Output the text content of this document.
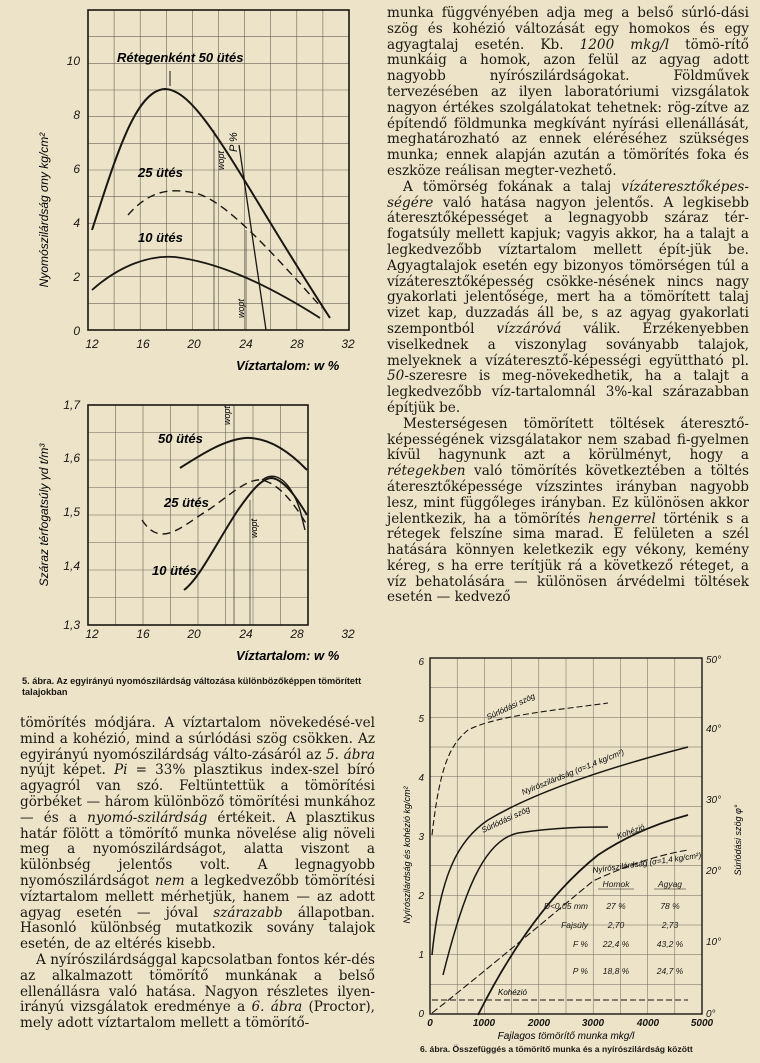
0
2
4
6
8
10
12	16	20	24	28	32
Víztartalom: w %
Nyomószilárdság σny kg/cm²
Rétegenként 50 ütés
25 ütés
10 ütés
P %
wopt
wopt
1,3
1,4
1,5
1,6
1,7
12	16	20	24	28	32
Víztartalom: w %
Száraz térfogatsúly γd t/m³
50 ütés
25 ütés
10 ütés
wopt
wopt
5. ábra. Az egyirányú nyomószilárdság változása különbözőképpen tömörített talajokban

munka függvényében adja meg a belső súrló-dási szög és kohézió változását egy homokos és egy agyagtalaj esetén. Kb. 1200 mkg/l tömö-rítő munkáig a homok, azon felül az agyag adott nagyobb nyírószilárdságokat. Földművek tervezésében az ilyen laboratóriumi vizsgálatok nagyon értékes szolgálatokat tehetnek: rög-zítve az építendő földmunka megkívánt nyírási ellenállását, meghatározható az ennek eléréséhez szükséges munka; ennek alapján azután a tömörítés foka és eszköze reálisan megter-vezhető.

A tömörség fokának a talaj vízáteresztőképes-ségére való hatása nagyon jelentős. A legkisebb áteresztőképességet a legnagyobb száraz tér-fogatsúly mellett kapjuk; vagyis akkor, ha a talajt a legkedvezőbb víztartalom mellett épít-jük be. Agyagtalajok esetén egy bizonyos tömörségen túl a vízáteresztőképesség csökke-nésének nincs nagy gyakorlati jelentősége, mert ha a tömörített talaj vizet kap, duzzadás áll be, s az agyag gyakorlati szempontból vízzáróvá válik. Érzékenyebben viselkednek a viszonylag soványabb talajok, melyeknek a vízáteresztő-képességi együttható pl. 50-szeresre is meg-növekedhetik, ha a talajt a legkedvezőbb víz-tartalomnál 3%-kal szárazabban építjük be.

Mesterségesen tömörített töltések áteresztő-képességének vizsgálatakor nem szabad fi-gyelmen kívül hagynunk azt a körülményt, hogy a rétegekben való tömörítés következtében a töltés áteresztőképessége vízszintes irányban nagyobb lesz, mint függőleges irányban. Ez különösen akkor jelentkezik, ha a tömörítés hengerrel történik s a rétegek felszíne sima marad. E felületen a szél hatására könnyen keletkezik egy vékony, kemény kéreg, s ha erre terítjük rá a következő réteget, a víz behatolására — különösen árvédelmi töltések esetén — kedvező

tömörítés módjára. A víztartalom növekedésé-vel mind a kohézió, mind a súrlódási szög csökken. Az egyirányú nyomószilárdság válto-zásáról az 5. ábra nyújt képet. Pi = 33% plasztikus index-szel bíró agyagról van szó. Feltüntettük a tömörítési görbéket — három különböző tömörítési munkához — és a nyomó-szilárdság értékeit. A plasztikus határ fölött a tömörítő munka növelése alig növeli meg a nyomószilárdságot, alatta viszont a különbség jelentős volt. A legnagyobb nyomószilárdságot nem a legkedvezőbb tömörítési víztartalom mellett mérhetjük, hanem — az adott agyag esetén — jóval szárazabb állapotban. Hasonló különbség mutatkozik sovány talajok esetén, de az eltérés kisebb.

A nyírószilárdsággal kapcsolatban fontos kér-dés az alkalmazott tömörítő munkának a belső ellenállásra való hatása. Nagyon részletes ilyen-irányú vizsgálatok eredménye a 6. ábra (Proctor), mely adott víztartalom mellett a tömörítő-

0
1
2
3
4
5
6
0°
10°
20°
30°
40°
50°
0	1000	2000	3000	4000	5000
Fajlagos tömörítő munka mkg/l
Nyírószilárdság és kohézió kg/cm²	Súrlódási szög φ°
Súrlódási szög
Nyírószilárdság (σ=1,4 kg/cm²)
Súrlódási szög	Kohézió
Nyírószilárdság (σ=1,4 kg/cm²)
Kohézió
Homok	Agyag
D<0,05 mm 27 %	78 %
Fajsúly 2,70	2,73
F % 22,4 %	43,2 %
P % 18,8 %	24,7 %
6. ábra. Összefüggés a tömörítő munka és a nyírószilárdság között
